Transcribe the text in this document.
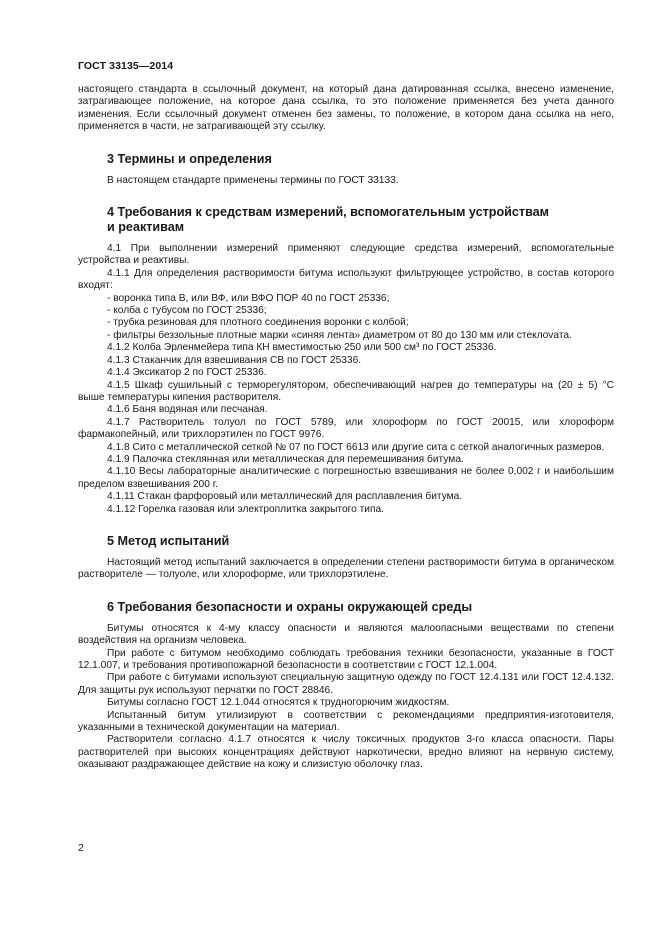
ГОСТ 33135—2014

настоящего стандарта в ссылочный документ, на который дана датированная ссылка, внесено изменение, затрагивающее положение, на которое дана ссылка, то это положение применяется без учета данного изменения. Если ссылочный документ отменен без замены, то положение, в котором дана ссылка на него, применяется в части, не затрагивающей эту ссылку.

3 Термины и определения

В настоящем стандарте применены термины по ГОСТ 33133.

4 Требования к средствам измерений, вспомогательным устройствам
и реактивам

4.1 При выполнении измерений применяют следующие средства измерений, вспомогательные устройства и реактивы.

4.1.1 Для определения растворимости битума используют фильтрующее устройство, в состав которого входят:

- воронка типа В, или ВФ, или ВФО ПОР 40 по ГОСТ 25336;

- колба с тубусом по ГОСТ 25336;

- трубка резиновая для плотного соединения воронки с колбой;

- фильтры беззольные плотные марки «синяя лента» диаметром от 80 до 130 мм или стеклovата.

4.1.2 Колба Эрленмейера типа КН вместимостью 250 или 500 см³ по ГОСТ 25336.

4.1.3 Стаканчик для взвешивания СВ по ГОСТ 25336.

4.1.4 Эксикатор 2 по ГОСТ 25336.

4.1.5 Шкаф сушильный с терморегулятором, обеспечивающий нагрев до температуры на (20 ± 5) °С выше температуры кипения растворителя.

4.1.6 Баня водяная или песчаная.

4.1.7 Растворитель толуол по ГОСТ 5789, или хлороформ по ГОСТ 20015, или хлороформ фармакопейный, или трихлорэтилен по ГОСТ 9976.

4.1.8 Сито с металлической сеткой № 07 по ГОСТ 6613 или другие сита с сеткой аналогичных размеров.

4.1.9 Палочка стеклянная или металлическая для перемешивания битума.

4.1.10 Весы лабораторные аналитические с погрешностью взвешивания не более 0,002 г и наибольшим пределом взвешивания 200 г.

4.1.11 Стакан фарфоровый или металлический для расплавления битума.

4.1.12 Горелка газовая или электроплитка закрытого типа.

5 Метод испытаний

Настоящий метод испытаний заключается в определении степени растворимости битума в органическом растворителе — толуоле, или хлороформе, или трихлорэтилене.

6 Требования безопасности и охраны окружающей среды

Битумы относятся к 4-му классу опасности и являются малоопасными веществами по степени воздействия на организм человека.

При работе с битумом необходимо соблюдать требования техники безопасности, указанные в ГОСТ 12.1.007, и требования противопожарной безопасности в соответствии с ГОСТ 12.1.004.

При работе с битумами используют специальную защитную одежду по ГОСТ 12.4.131 или ГОСТ 12.4.132. Для защиты рук используют перчатки по ГОСТ 28846.

Битумы согласно ГОСТ 12.1.044 относятся к трудногорючим жидкостям.

Испытанный битум утилизируют в соответствии с рекомендациями предприятия-изготовителя, указанными в технической документации на материал.

Растворители согласно 4.1.7 относятся к числу токсичных продуктов 3-го класса опасности. Пары растворителей при высоких концентрациях действуют наркотически, вредно влияют на нервную систему, оказывают раздражающее действие на кожу и слизистую оболочку глаз.

2
